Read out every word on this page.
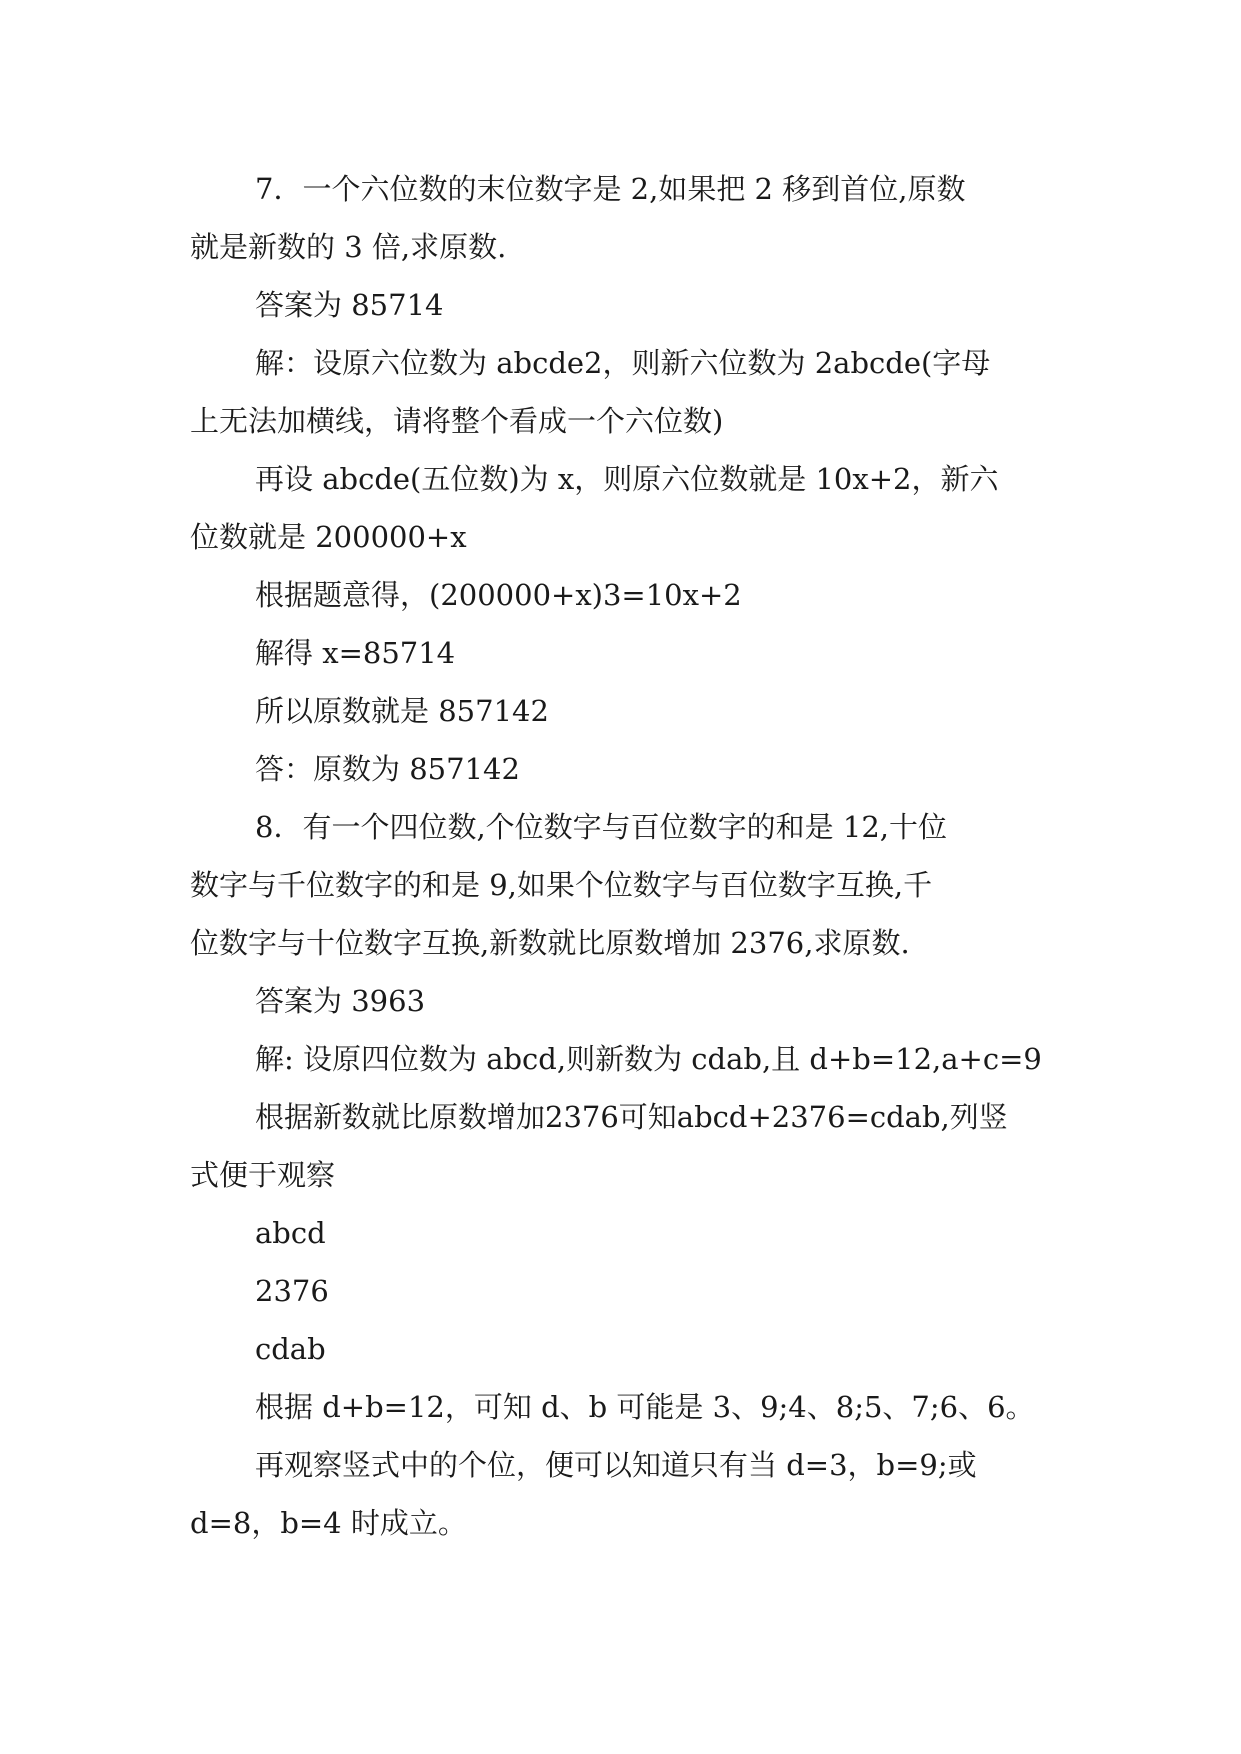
7．一个六位数的末位数字是 2,如果把 2 移到首位,原数
就是新数的 3 倍,求原数.
答案为 85714
解：设原六位数为 abcde2，则新六位数为 2abcde(字母
上无法加横线，请将整个看成一个六位数)
再设 abcde(五位数)为 x，则原六位数就是 10x+2，新六
位数就是 200000+x
根据题意得，(200000+x)3=10x+2
解得 x=85714
所以原数就是 857142
答：原数为 857142
8．有一个四位数,个位数字与百位数字的和是 12,十位
数字与千位数字的和是 9,如果个位数字与百位数字互换,千
位数字与十位数字互换,新数就比原数增加 2376,求原数.
答案为 3963
解: 设原四位数为 abcd,则新数为 cdab,且 d+b=12,a+c=9
根据新数就比原数增加2376可知abcd+2376=cdab,列竖
式便于观察
abcd
2376
cdab
根据 d+b=12，可知 d、b 可能是 3、9;4、8;5、7;6、6。
再观察竖式中的个位，便可以知道只有当 d=3，b=9;或
d=8，b=4 时成立。
